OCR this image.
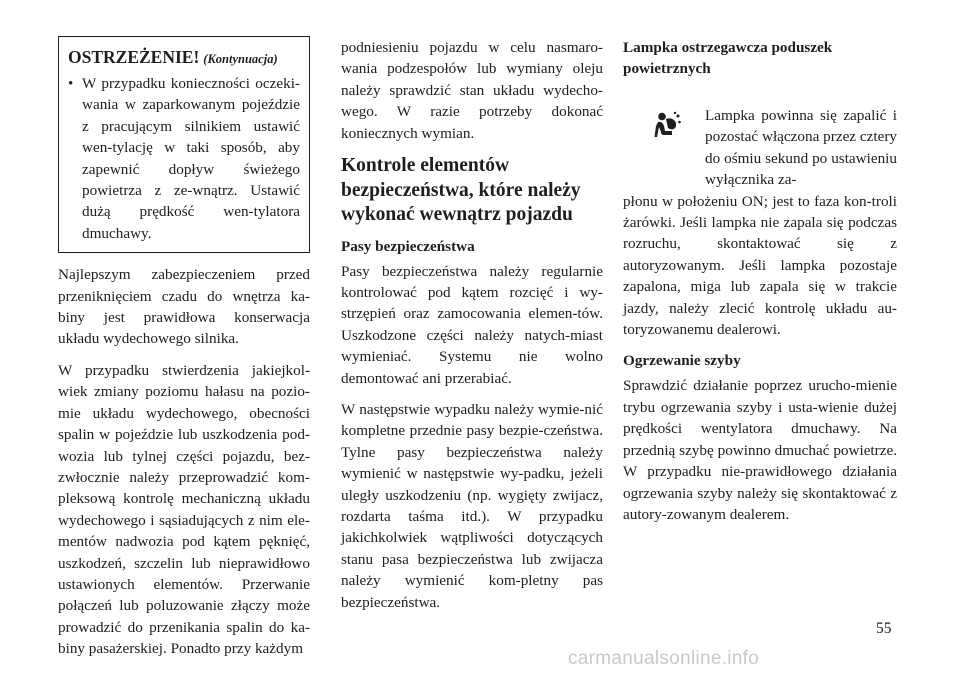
OSTRZEŻENIE! (Kontynuacja)
• W przypadku konieczności oczeki-wania w zaparkowanym pojeździe z pracującym silnikiem ustawić wen-tylację w taki sposób, aby zapewnić dopływ świeżego powietrza z ze-wnątrz. Ustawić dużą prędkość wen-tylatora dmuchawy.

Najlepszym zabezpieczeniem przed przeniknięciem czadu do wnętrza ka-biny jest prawidłowa konserwacja układu wydechowego silnika.

W przypadku stwierdzenia jakiejkol-wiek zmiany poziomu hałasu na pozio-mie układu wydechowego, obecności spalin w pojeździe lub uszkodzenia pod-wozia lub tylnej części pojazdu, bez-zwłocznie należy przeprowadzić kom-pleksową kontrolę mechaniczną układu wydechowego i sąsiadujących z nim ele-mentów nadwozia pod kątem pęknięć, uszkodzeń, szczelin lub nieprawidłowo ustawionych elementów. Przerwanie połączeń lub poluzowanie złączy może prowadzić do przenikania spalin do ka-biny pasażerskiej. Ponadto przy każdym

podniesieniu pojazdu w celu nasmaro-wania podzespołów lub wymiany oleju należy sprawdzić stan układu wydecho-wego. W razie potrzeby dokonać koniecznych wymian.

Kontrole elementów bezpieczeństwa, które należy wykonać wewnątrz pojazdu
Pasy bezpieczeństwa

Pasy bezpieczeństwa należy regularnie kontrolować pod kątem rozcięć i wy-strzępień oraz zamocowania elemen-tów. Uszkodzone części należy natych-miast wymieniać. Systemu nie wolno demontować ani przerabiać.

W następstwie wypadku należy wymie-nić kompletne przednie pasy bezpie-czeństwa. Tylne pasy bezpieczeństwa należy wymienić w następstwie wy-padku, jeżeli uległy uszkodzeniu (np. wygięty zwijacz, rozdarta taśma itd.). W przypadku jakichkolwiek wątpliwości dotyczących stanu pasa bezpieczeństwa lub zwijacza należy wymienić kom-pletny pas bezpieczeństwa.

Lampka ostrzegawcza poduszek powietrznych
Lampka powinna się zapalić i pozostać włączona przez cztery do ośmiu sekund po ustawieniu wyłącznika za-

płonu w położeniu ON; jest to faza kon-troli żarówki. Jeśli lampka nie zapala się podczas rozruchu, skontaktować się z autoryzowanym. Jeśli lampka pozostaje zapalona, miga lub zapala się w trakcie jazdy, należy zlecić kontrolę układu au-toryzowanemu dealerowi.

Ogrzewanie szyby

Sprawdzić działanie poprzez urucho-mienie trybu ogrzewania szyby i usta-wienie dużej prędkości wentylatora dmuchawy. Na przednią szybę powinno dmuchać powietrze. W przypadku nie-prawidłowego działania ogrzewania szyby należy się skontaktować z autory-zowanym dealerem.

55
carmanualsonline.info
